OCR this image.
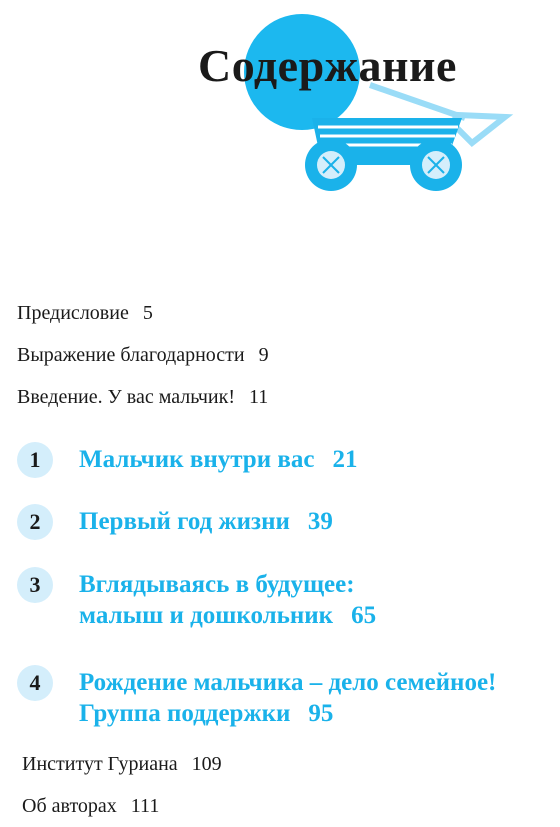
Содержание
Предисловие 5
Выражение благодарности 9
Введение. У вас мальчик! 11
1	Мальчик внутри вас 21
2	Первый год жизни 39
3	Вглядываясь в будущее:
малыш и дошкольник 65
4	Рождение мальчика – дело семейное!
Группа поддержки 95
Институт Гуриана 109
Об авторах 111
